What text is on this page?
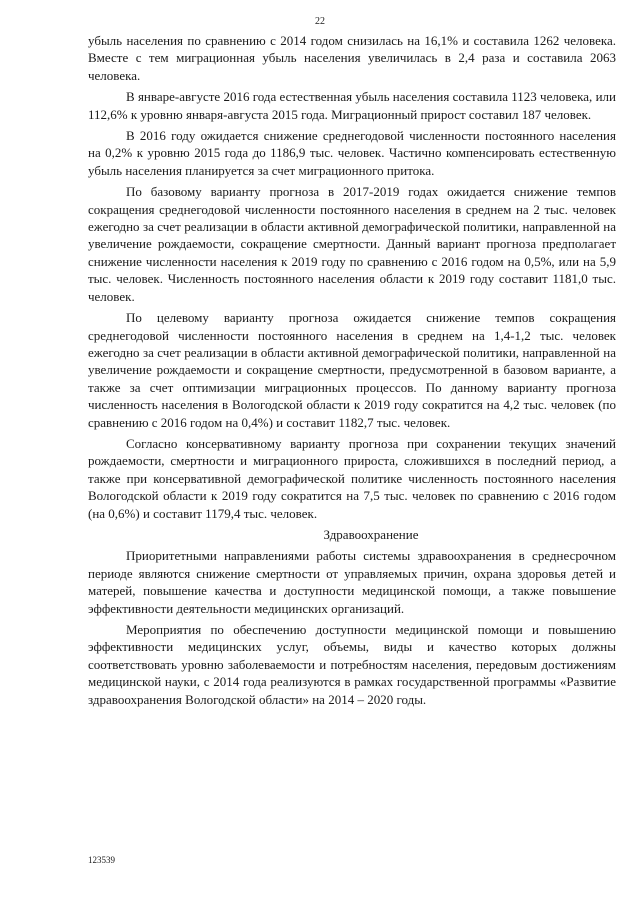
22

убыль населения по сравнению с 2014 годом снизилась на 16,1% и составила 1262 человека. Вместе с тем миграционная убыль населения увеличилась в 2,4 раза и составила 2063 человека.

В январе-августе 2016 года естественная убыль населения составила 1123 человека, или 112,6% к уровню января-августа 2015 года. Миграционный прирост составил 187 человек.

В 2016 году ожидается снижение среднегодовой численности постоянного населения на 0,2% к уровню 2015 года до 1186,9 тыс. человек. Частично компенсировать естественную убыль населения планируется за счет миграционного притока.

По базовому варианту прогноза в 2017-2019 годах ожидается снижение темпов сокращения среднегодовой численности постоянного населения в среднем на 2 тыс. человек ежегодно за счет реализации в области активной демографической политики, направленной на увеличение рождаемости, сокращение смертности. Данный вариант прогноза предполагает снижение численности населения к 2019 году по сравнению с 2016 годом на 0,5%, или на 5,9 тыс. человек. Численность постоянного населения области к 2019 году составит 1181,0 тыс. человек.

По целевому варианту прогноза ожидается снижение темпов сокращения среднегодовой численности постоянного населения в среднем на 1,4-1,2 тыс. человек ежегодно за счет реализации в области активной демографической политики, направленной на увеличение рождаемости и сокращение смертности, предусмотренной в базовом варианте, а также за счет оптимизации миграционных процессов. По данному варианту прогноза численность населения в Вологодской области к 2019 году сократится на 4,2 тыс. человек (по сравнению с 2016 годом на 0,4%) и составит 1182,7 тыс. человек.

Согласно консервативному варианту прогноза при сохранении текущих значений рождаемости, смертности и миграционного прироста, сложившихся в последний период, а также при консервативной демографической политике численность постоянного населения Вологодской области к 2019 году сократится на 7,5 тыс. человек по сравнению с 2016 годом (на 0,6%) и составит 1179,4 тыс. человек.

Здравоохранение

Приоритетными направлениями работы системы здравоохранения в среднесрочном периоде являются снижение смертности от управляемых причин, охрана здоровья детей и матерей, повышение качества и доступности медицинской помощи, а также повышение эффективности деятельности медицинских организаций.

Мероприятия по обеспечению доступности медицинской помощи и повышению эффективности медицинских услуг, объемы, виды и качество которых должны соответствовать уровню заболеваемости и потребностям населения, передовым достижениям медицинской науки, с 2014 года реализуются в рамках государственной программы «Развитие здравоохранения Вологодской области» на 2014 – 2020 годы.

123539
